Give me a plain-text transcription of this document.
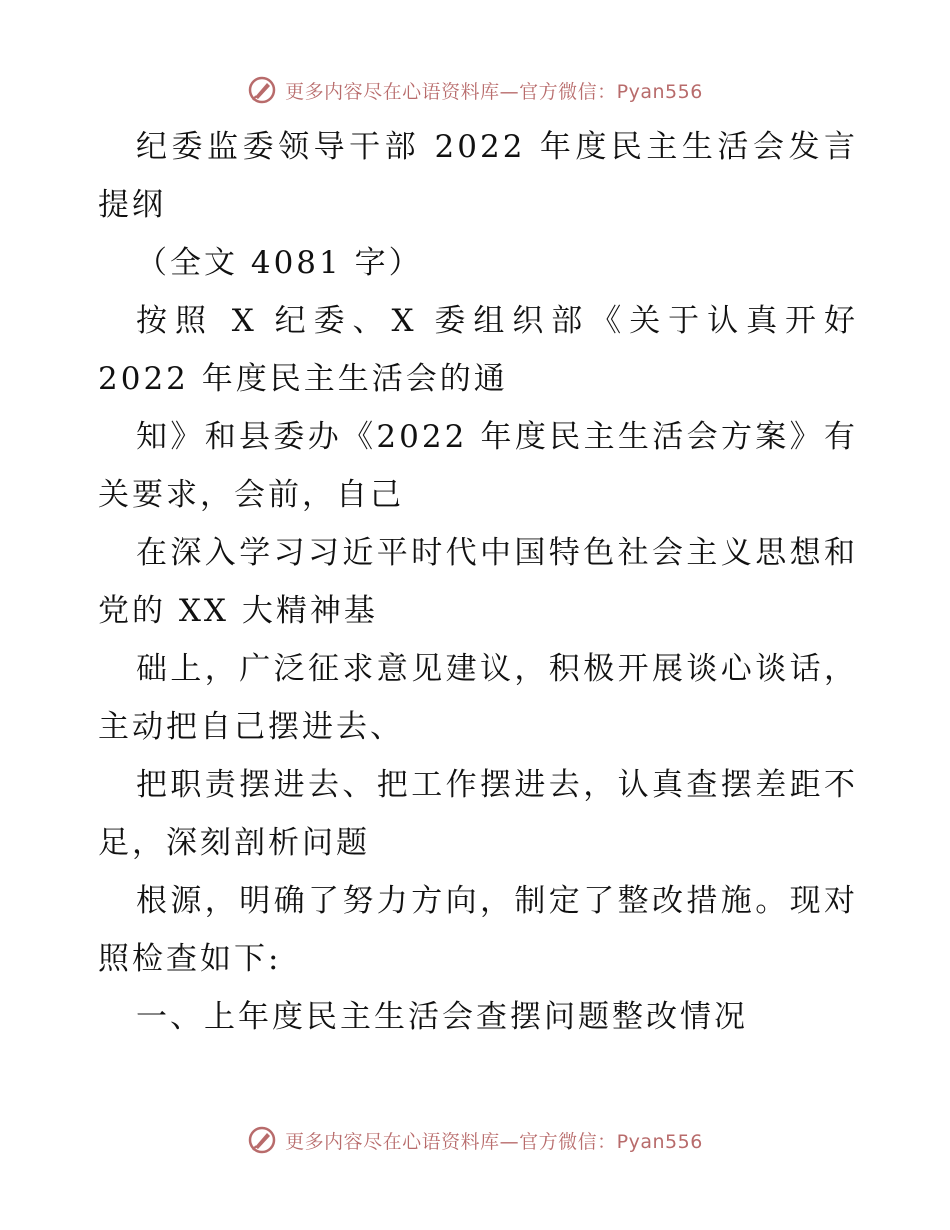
更多内容尽在心语资料库—官方微信：Pyan556

纪委监委领导干部 2022 年度民主生活会发言提纲

（全文 4081 字）

按照 X 纪委、X 委组织部《关于认真开好 2022 年度民主生活会的通

知》和县委办《2022 年度民主生活会方案》有关要求，会前，自己

在深入学习习近平时代中国特色社会主义思想和党的 XX 大精神基

础上，广泛征求意见建议，积极开展谈心谈话，主动把自己摆进去、

把职责摆进去、把工作摆进去，认真查摆差距不足，深刻剖析问题

根源，明确了努力方向，制定了整改措施。现对照检查如下:

一、上年度民主生活会查摆问题整改情况

更多内容尽在心语资料库—官方微信：Pyan556
